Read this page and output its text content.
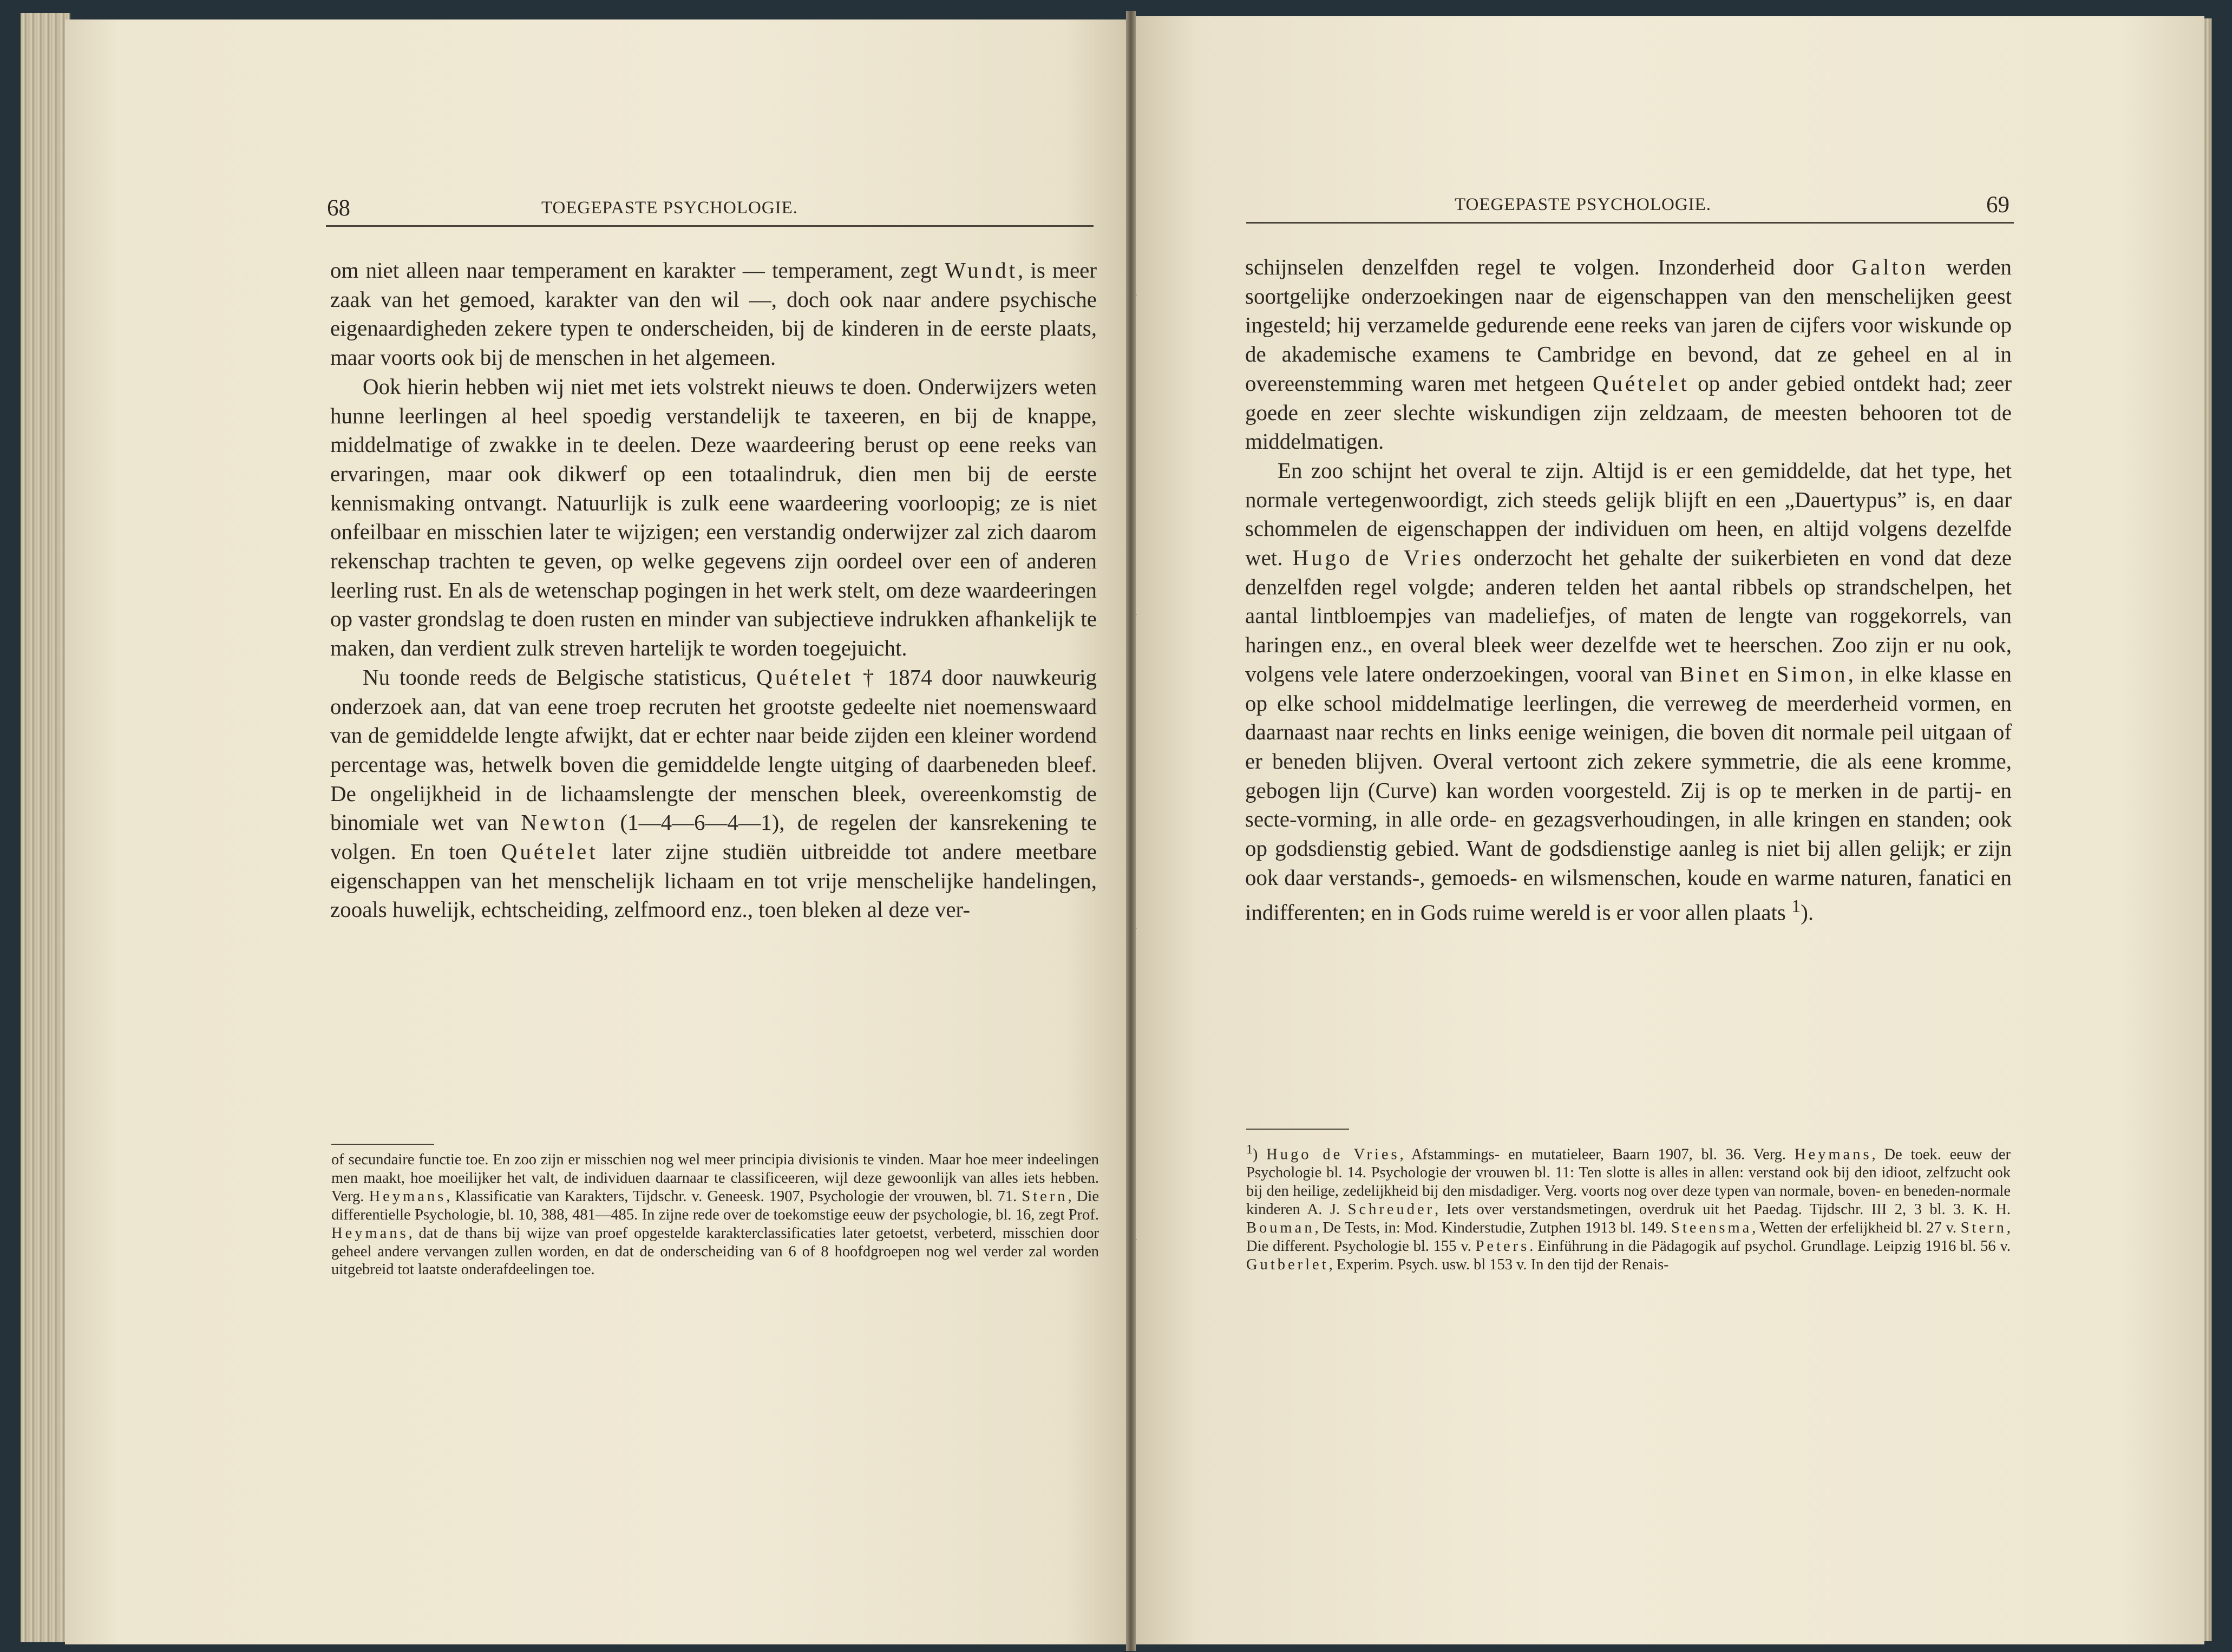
68	TOEGEPASTE PSYCHOLOGIE.

om niet alleen naar temperament en karakter — temperament, zegt Wundt, is meer zaak van het gemoed, karakter van den wil —, doch ook naar andere psychische eigenaardigheden zekere typen te onderscheiden, bij de kinderen in de eerste plaats, maar voorts ook bij de menschen in het algemeen.

Ook hierin hebben wij niet met iets volstrekt nieuws te doen. Onderwijzers weten hunne leerlingen al heel spoedig verstandelijk te taxeeren, en bij de knappe, middelmatige of zwakke in te deelen. Deze waardeering berust op eene reeks van ervaringen, maar ook dikwerf op een totaalindruk, dien men bij de eerste kennismaking ontvangt. Natuurlijk is zulk eene waardeering voorloopig; ze is niet onfeilbaar en misschien later te wijzigen; een verstandig onderwijzer zal zich daarom rekenschap trachten te geven, op welke gegevens zijn oordeel over een of anderen leerling rust. En als de wetenschap pogingen in het werk stelt, om deze waardeeringen op vaster grondslag te doen rusten en minder van subjectieve indrukken afhankelijk te maken, dan verdient zulk streven hartelijk te worden toegejuicht.

Nu toonde reeds de Belgische statisticus, Quételet † 1874 door nauwkeurig onderzoek aan, dat van eene troep recruten het grootste gedeelte niet noemenswaard van de gemiddelde lengte afwijkt, dat er echter naar beide zijden een kleiner wordend percentage was, hetwelk boven die gemiddelde lengte uitging of daarbeneden bleef. De ongelijkheid in de lichaamslengte der menschen bleek, overeenkomstig de binomiale wet van Newton (1—4—6—4—1), de regelen der kansrekening te volgen. En toen Quételet later zijne studiën uitbreidde tot andere meetbare eigenschappen van het menschelijk lichaam en tot vrije menschelijke handelingen, zooals huwelijk, echtscheiding, zelfmoord enz., toen bleken al deze ver-

of secundaire functie toe. En zoo zijn er misschien nog wel meer principia divisionis te vinden. Maar hoe meer indeelingen men maakt, hoe moeilijker het valt, de individuen daarnaar te classificeeren, wijl deze gewoonlijk van alles iets hebben. Verg. Heymans, Klassificatie van Karakters, Tijdschr. v. Geneesk. 1907, Psychologie der vrouwen, bl. 71. Stern, Die differentielle Psychologie, bl. 10, 388, 481—485. In zijne rede over de toekomstige eeuw der psychologie, bl. 16, zegt Prof. Heymans, dat de thans bij wijze van proef opgestelde karakterclassificaties later getoetst, verbeterd, misschien door geheel andere vervangen zullen worden, en dat de onderscheiding van 6 of 8 hoofdgroepen nog wel verder zal worden uitgebreid tot laatste onderafdeelingen toe.

TOEGEPASTE PSYCHOLOGIE.	69

schijnselen denzelfden regel te volgen. Inzonderheid door Galton werden soortgelijke onderzoekingen naar de eigenschappen van den menschelijken geest ingesteld; hij verzamelde gedurende eene reeks van jaren de cijfers voor wiskunde op de akademische examens te Cambridge en bevond, dat ze geheel en al in overeenstemming waren met hetgeen Quételet op ander gebied ontdekt had; zeer goede en zeer slechte wiskundigen zijn zeldzaam, de meesten behooren tot de middelmatigen.

En zoo schijnt het overal te zijn. Altijd is er een gemiddelde, dat het type, het normale vertegenwoordigt, zich steeds gelijk blijft en een „Dauertypus” is, en daar schommelen de eigenschappen der individuen om heen, en altijd volgens dezelfde wet. Hugo de Vries onderzocht het gehalte der suikerbieten en vond dat deze denzelfden regel volgde; anderen telden het aantal ribbels op strandschelpen, het aantal lintbloempjes van madeliefjes, of maten de lengte van roggekorrels, van haringen enz., en overal bleek weer dezelfde wet te heerschen. Zoo zijn er nu ook, volgens vele latere onderzoekingen, vooral van Binet en Simon, in elke klasse en op elke school middelmatige leerlingen, die verreweg de meerderheid vormen, en daarnaast naar rechts en links eenige weinigen, die boven dit normale peil uitgaan of er beneden blijven. Overal vertoont zich zekere symmetrie, die als eene kromme, gebogen lijn (Curve) kan worden voorgesteld. Zij is op te merken in de partij- en secte-vorming, in alle orde- en gezagsverhoudingen, in alle kringen en standen; ook op godsdienstig gebied. Want de godsdienstige aanleg is niet bij allen gelijk; er zijn ook daar verstands-, gemoeds- en wilsmenschen, koude en warme naturen, fanatici en indifferenten; en in Gods ruime wereld is er voor allen plaats $^1$).

$^1$) Hugo de Vries, Afstammings- en mutatieleer, Baarn 1907, bl. 36. Verg. Heymans, De toek. eeuw der Psychologie bl. 14. Psychologie der vrouwen bl. 11: Ten slotte is alles in allen: verstand ook bij den idioot, zelfzucht ook bij den heilige, zedelijkheid bij den misdadiger. Verg. voorts nog over deze typen van normale, boven- en beneden-normale kinderen A. J. Schreuder, Iets over verstandsmetingen, overdruk uit het Paedag. Tijdschr. III 2, 3 bl. 3. K. H. Bouman, De Tests, in: Mod. Kinderstudie, Zutphen 1913 bl. 149. Steensma, Wetten der erfelijkheid bl. 27 v. Stern, Die different. Psychologie bl. 155 v. Peters. Einführung in die Pädagogik auf psychol. Grundlage. Leipzig 1916 bl. 56 v. Gutberlet, Experim. Psych. usw. bl 153 v. In den tijd der Renais-
